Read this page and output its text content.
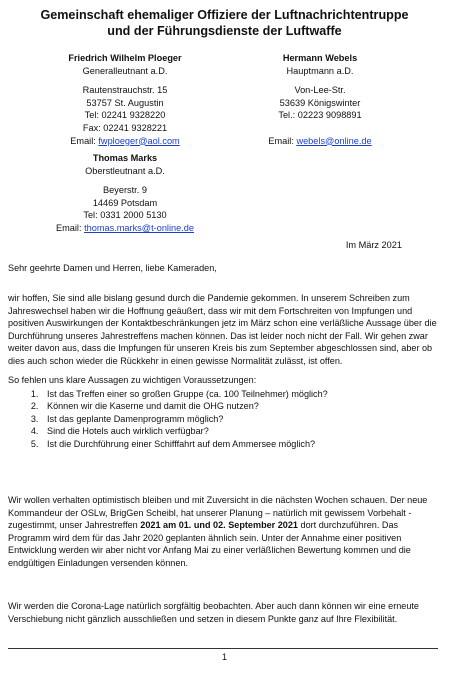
Gemeinschaft ehemaliger Offiziere der Luftnachrichtentruppe
und der Führungsdienste der Luftwaffe
Friedrich Wilhelm Ploeger
Generalleutnant a.D.
Rautenstrauchstr. 15
53757 St. Augustin
Tel: 02241 9328220
Fax: 02241 9328221
Email: fwploeger@aol.com
Hermann Webels
Hauptmann a.D.
Von-Lee-Str.
53639 Königswinter
Tel.: 02223 9098891
Email: webels@online.de
Thomas Marks
Oberstleutnant a.D.
Beyerstr. 9
14469 Potsdam
Tel: 0331 2000 5130
Email: thomas.marks@t-online.de
Im März 2021
Sehr geehrte Damen und Herren, liebe Kameraden,

wir hoffen, Sie sind alle bislang gesund durch die Pandemie gekommen. In unserem Schreiben zum Jahreswechsel haben wir die Hoffnung geäußert, dass wir mit dem Fortschreiten von Impfungen und positiven Auswirkungen der Kontaktbeschränkungen jetz im März schon eine verläßliche Aussage über die Durchführung unseres Jahrestreffens machen können. Das ist leider noch nicht der Fall. Wir gehen zwar weiter davon aus, dass die Impfungen für unseren Kreis bis zum September abgeschlossen sind, aber ob dies auch schon wieder die Rückkehr in einen gewisse Normalität zulässt, ist offen.

So fehlen uns klare Aussagen zu wichtigen Voraussetzungen:
1. Ist das Treffen einer so großen Gruppe (ca. 100 Teilnehmer) möglich?
2. Können wir die Kaserne und damit die OHG nutzen?
3. Ist das geplante Damenprogramm möglich?
4. Sind die Hotels auch wirklich verfügbar?
5. Ist die Durchführung einer Schifffahrt auf dem Ammersee möglich?

Wir wollen verhalten optimistisch bleiben und mit Zuversicht in die nächsten Wochen schauen. Der neue Kommandeur der OSLw, BrigGen Scheibl, hat unserer Planung – natürlich mit gewissem Vorbehalt - zugestimmt, unser Jahrestreffen 2021 am 01. und 02. September 2021 dort durchzuführen. Das Programm wird dem für das Jahr 2020 geplanten ähnlich sein. Unter der Annahme einer positiven Entwicklung werden wir aber nicht vor Anfang Mai zu einer verläßlichen Bewertung kommen und die endgültigen Einladungen versenden können.

Wir werden die Corona-Lage natürlich sorgfältig beobachten. Aber auch dann können wir eine erneute Verschiebung nicht gänzlich ausschließen und setzen in diesem Punkte ganz auf Ihre Flexibilität.

1
